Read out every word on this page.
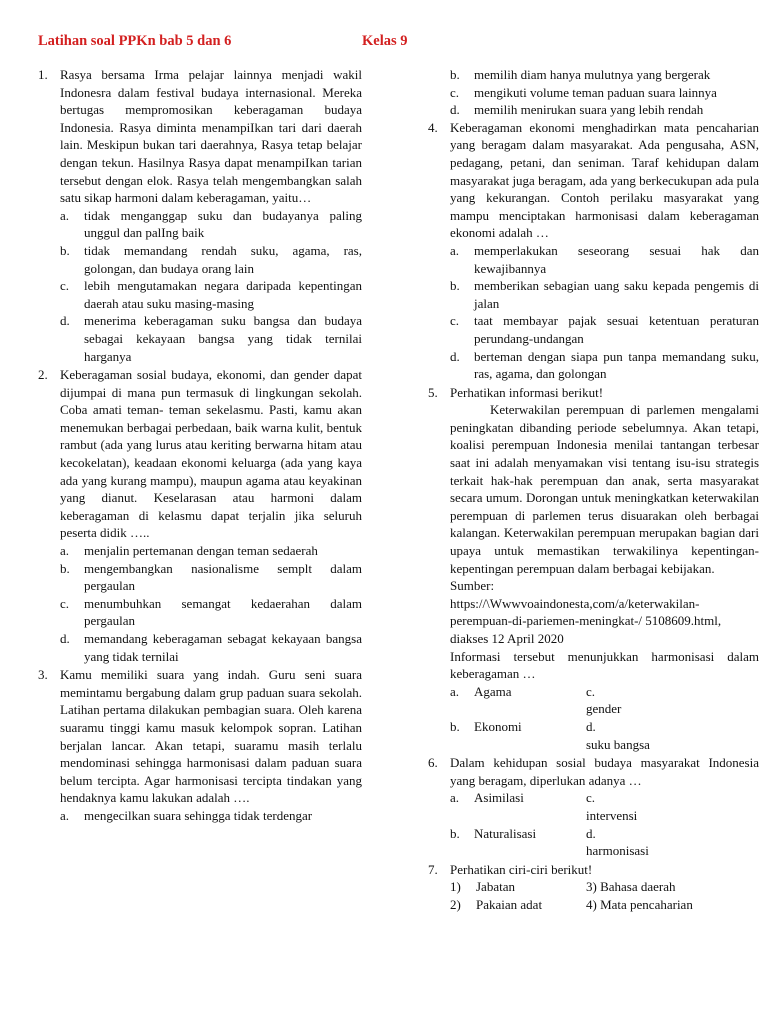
Latihan soal PPKn bab 5 dan 6	Kelas 9
1. Rasya bersama Irma pelajar lainnya menjadi wakil Indonesra dalam festival budaya internasional. Mereka bertugas mempromosikan keberagaman budaya Indonesia. Rasya diminta menampiIkan tari dari daerah lain. Meskipun bukan tari daerahnya, Rasya tetap belajar dengan tekun. Hasilnya Rasya dapat menampiIkan tarian tersebut dengan elok. Rasya telah mengembangkan salah satu sikap harmoni dalam keberagaman, yaitu…
a.	tidak menganggap suku dan budayanya paling unggul dan palIng baik
b.	tidak memandang rendah suku, agama, ras, golongan, dan budaya orang lain
c.	lebih mengutamakan negara daripada kepentingan daerah atau suku masing-masing
d.	menerima keberagaman suku bangsa dan budaya sebagai kekayaan bangsa yang tidak ternilai harganya
2. Keberagaman sosial budaya, ekonomi, dan gender dapat dijumpai di mana pun termasuk di lingkungan sekolah. Coba amati teman- teman sekelasmu. Pasti, kamu akan menemukan berbagai perbedaan, baik warna kulit, bentuk rambut (ada yang lurus atau keriting berwarna hitam atau kecokelatan), keadaan ekonomi keluarga (ada yang kaya ada yang kurang mampu), maupun agama atau keyakinan yang dianut. Keselarasan atau harmoni dalam keberagaman di kelasmu dapat terjalin jika seluruh peserta didik …..
a.	menjalin pertemanan dengan teman sedaerah
b.	mengembangkan nasionalisme semplt dalam pergaulan
c.	menumbuhkan semangat kedaerahan dalam pergaulan
d.	memandang keberagaman sebagat kekayaan bangsa yang tidak ternilai
3. Kamu memiliki suara yang indah. Guru seni suara memintamu bergabung dalam grup paduan suara sekolah. Latihan pertama dilakukan pembagian suara. Oleh karena suaramu tinggi kamu masuk kelompok sopran. Latihan berjalan lancar. Akan tetapi, suaramu masih terlalu mendominasi sehingga harmonisasi dalam paduan suara belum tercipta. Agar harmonisasi tercipta tindakan yang hendaknya kamu lakukan adalah ….
a.	mengecilkan suara sehingga tidak terdengar
b.	memilih diam hanya mulutnya yang bergerak
c.	mengikuti volume teman paduan suara lainnya
d.	memilih menirukan suara yang lebih rendah
4. Keberagaman ekonomi menghadirkan mata pencaharian yang beragam dalam masyarakat. Ada pengusaha, ASN, pedagang, petani, dan seniman. Taraf kehidupan dalam masyarakat juga beragam, ada yang berkecukupan ada pula yang kekurangan. Contoh perilaku masyarakat yang mampu menciptakan harmonisasi dalam keberagaman ekonomi adalah …
a.	memperlakukan seseorang sesuai hak dan kewajibannya
b.	memberikan sebagian uang saku kepada pengemis di jalan
c.	taat membayar pajak sesuai ketentuan peraturan perundang-undangan
d.	berteman dengan siapa pun tanpa memandang suku, ras, agama, dan golongan
5. Perhatikan informasi berikut!
Keterwakilan perempuan di parlemen mengalami peningkatan dibanding periode sebelumnya. Akan tetapi, koalisi perempuan Indonesia menilai tantangan terbesar saat ini adalah menyamakan visi tentang isu-isu strategis terkait hak-hak perempuan dan anak, serta masyarakat secara umum. Dorongan untuk meningkatkan keterwakilan perempuan di parlemen terus disuarakan oleh berbagai kalangan. Keterwakilan perempuan merupakan bagian dari upaya untuk memastikan terwakilinya kepentingan-kepentingan perempuan dalam berbagai kebijakan.
Sumber:
https://\Wwwvoaindonesta,com/a/keterwakilan-perempuan-di-pariemen-meningkat-/ 5108609.html, diakses 12 April 2020
Informasi tersebut menunjukkan harmonisasi dalam keberagaman …
a.	Agama	c.
gender
b.	Ekonomi	d.
suku bangsa
6. Dalam kehidupan sosial budaya masyarakat Indonesia yang beragam, diperlukan adanya …
a.	Asimilasi	c.
intervensi
b.	Naturalisasi	d.
harmonisasi
7. Perhatikan ciri-ciri berikut!
1)	Jabatan	3) Bahasa daerah
2)	Pakaian adat	4) Mata pencaharian
